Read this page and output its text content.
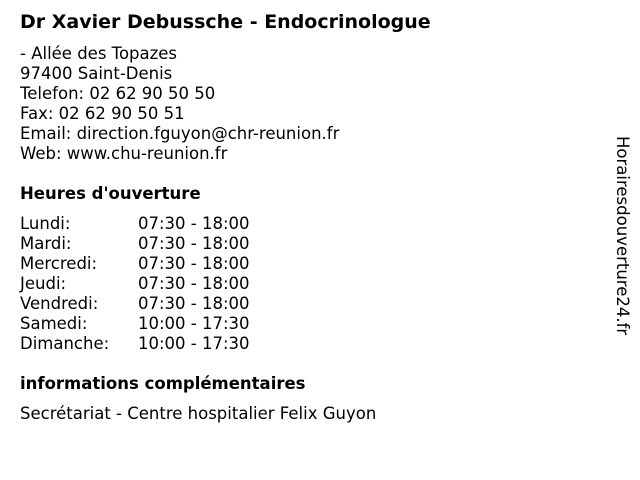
Dr Xavier Debussche - Endocrinologue
- Allée des Topazes
97400 Saint-Denis
Telefon: 02 62 90 50 50
Fax: 02 62 90 50 51
Email: direction.fguyon@chr-reunion.fr
Web: www.chu-reunion.fr
Heures d'ouverture
Lundi:	07:30 - 18:00
Mardi:	07:30 - 18:00
Mercredi: 07:30 - 18:00
Jeudi:	07:30 - 18:00
Vendredi: 07:30 - 18:00
Samedi:	10:00 - 17:30
Dimanche: 10:00 - 17:30
informations complémentaires
Secrétariat - Centre hospitalier Felix Guyon
Horairesdouverture24.fr
